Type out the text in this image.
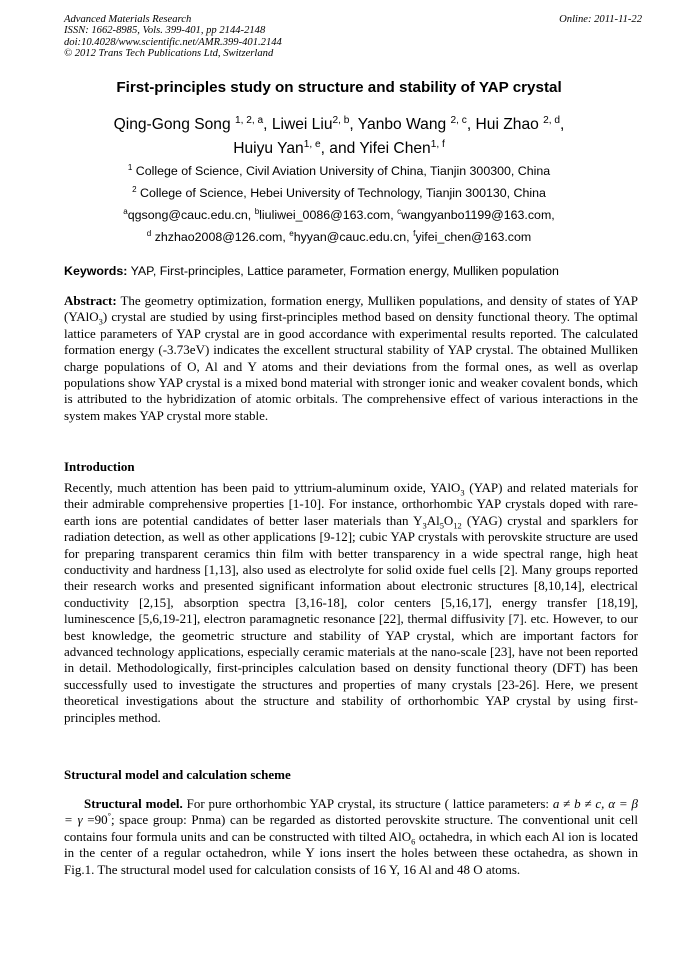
Advanced Materials Research
ISSN: 1662-8985, Vols. 399-401, pp 2144-2148
doi:10.4028/www.scientific.net/AMR.399-401.2144
© 2012 Trans Tech Publications Ltd, Switzerland
Online: 2011-11-22
First-principles study on structure and stability of YAP crystal
Qing-Gong Song $^{1, 2, a}$, Liwei Liu$^{2, b}$, Yanbo Wang $^{2, c}$, Hui Zhao $^{2, d}$,
Huiyu Yan$^{1, e}$, and Yifei Chen$^{1, f}$
$^1$ College of Science, Civil Aviation University of China, Tianjin 300300, China
$^2$ College of Science, Hebei University of Technology, Tianjin 300130, China
$^a$qgsong@cauc.edu.cn, $^b$liuliwei_0086@163.com, $^c$wangyanbo1199@163.com,
$^d$ zhzhao2008@126.com, $^e$hyyan@cauc.edu.cn, $^f$yifei_chen@163.com
Keywords: YAP, First-principles, Lattice parameter, Formation energy, Mulliken population
Abstract: The geometry optimization, formation energy, Mulliken populations, and density of states of YAP (YAlO$_3$) crystal are studied by using first-principles method based on density functional theory. The optimal lattice parameters of YAP crystal are in good accordance with experimental results reported. The calculated formation energy (-3.73eV) indicates the excellent structural stability of YAP crystal. The obtained Mulliken charge populations of O, Al and Y atoms and their deviations from the formal ones, as well as overlap populations show YAP crystal is a mixed bond material with stronger ionic and weaker covalent bonds, which is attributed to the hybridization of atomic orbitals. The comprehensive effect of various interactions in the system makes YAP crystal more stable.
Introduction
Recently, much attention has been paid to yttrium-aluminum oxide, YAlO$_3$ (YAP) and related materials for their admirable comprehensive properties [1-10]. For instance, orthorhombic YAP crystals doped with rare-earth ions are potential candidates of better laser materials than $Y_3Al_5O_{12}$ (YAG) crystal and sparklers for radiation detection, as well as other applications [9-12]; cubic YAP crystals with perovskite structure are used for preparing transparent ceramics thin film with better transparency in a wide spectral range, high heat conductivity and hardness [1,13], also used as electrolyte for solid oxide fuel cells [2]. Many groups reported their research works and presented significant information about electronic structures [8,10,14], electrical conductivity [2,15], absorption spectra [3,16-18], color centers [5,16,17], energy transfer [18,19], luminescence [5,6,19-21], electron paramagnetic resonance [22], thermal diffusivity [7]. etc. However, to our best knowledge, the geometric structure and stability of YAP crystal, which are important factors for advanced technology applications, especially ceramic materials at the nano-scale [23], have not been reported in detail. Methodologically, first-principles calculation based on density functional theory (DFT) has been successfully used to investigate the structures and properties of many crystals [23-26]. Here, we present theoretical investigations about the structure and stability of orthorhombic YAP crystal by using first-principles method.
Structural model and calculation scheme
Structural model. For pure orthorhombic YAP crystal, its structure ( lattice parameters: a ≠ b ≠ c, α = β = γ =90°; space group: Pnma) can be regarded as distorted perovskite structure. The conventional unit cell contains four formula units and can be constructed with tilted AlO$_6$ octahedra, in which each Al ion is located in the center of a regular octahedron, while Y ions insert the holes between these octahedra, as shown in Fig.1. The structural model used for calculation consists of 16 Y, 16 Al and 48 O atoms.
